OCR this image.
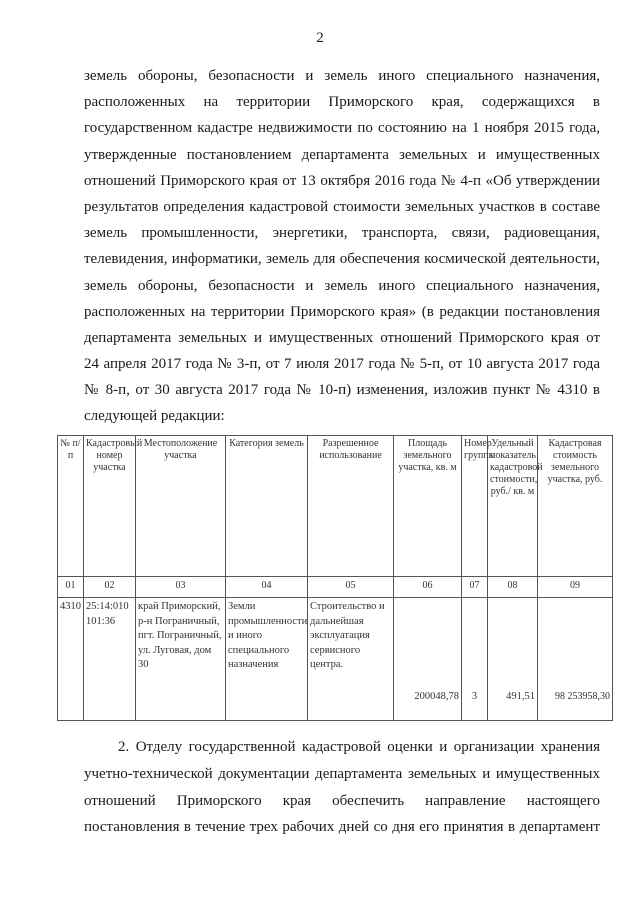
2
земель обороны, безопасности и земель иного специального назначения,
расположенных на территории Приморского края, содержащихся в
государственном кадастре недвижимости по состоянию на 1 ноября 2015 года,
утвержденные постановлением департамента земельных и имущественных
отношений Приморского края от 13 октября 2016 года № 4-п «Об утверждении
результатов определения кадастровой стоимости земельных участков в составе
земель промышленности, энергетики, транспорта, связи, радиовещания,
телевидения, информатики, земель для обеспечения космической деятельности,
земель обороны, безопасности и земель иного специального назначения,
расположенных на территории Приморского края» (в редакции постановления
департамента земельных и имущественных отношений Приморского края от
24 апреля 2017 года № 3-п, от 7 июля 2017 года № 5-п, от 10 августа 2017 года
№ 8-п, от 30 августа 2017 года № 10-п) изменения, изложив пункт № 4310 в
следующей редакции:
№ п/п	Кадастровый номер участка	Местоположение участка	Категория земель	Разрешенное использование	Площадь земельного участка, кв. м	Номер группы	Удельный показатель кадастровой стоимости, руб./ кв. м	Кадастровая стоимость земельного участка, руб.
01	02	03	04	05	06	07	08	09
4310	25:14:010101:36	край Приморский, р-н Пограничный, пгт. Пограничный, ул. Луговая, дом 30	Земли промышленности и иного специального назначения	Строительство и дальнейшая эксплуатация сервисного центра.	200048,78	3	491,51	98 253958,30
2. Отделу государственной кадастровой оценки и организации хранения
учетно-технической документации департамента земельных и имущественных
отношений Приморского края обеспечить направление настоящего
постановления в течение трех рабочих дней со дня его принятия в департамент
